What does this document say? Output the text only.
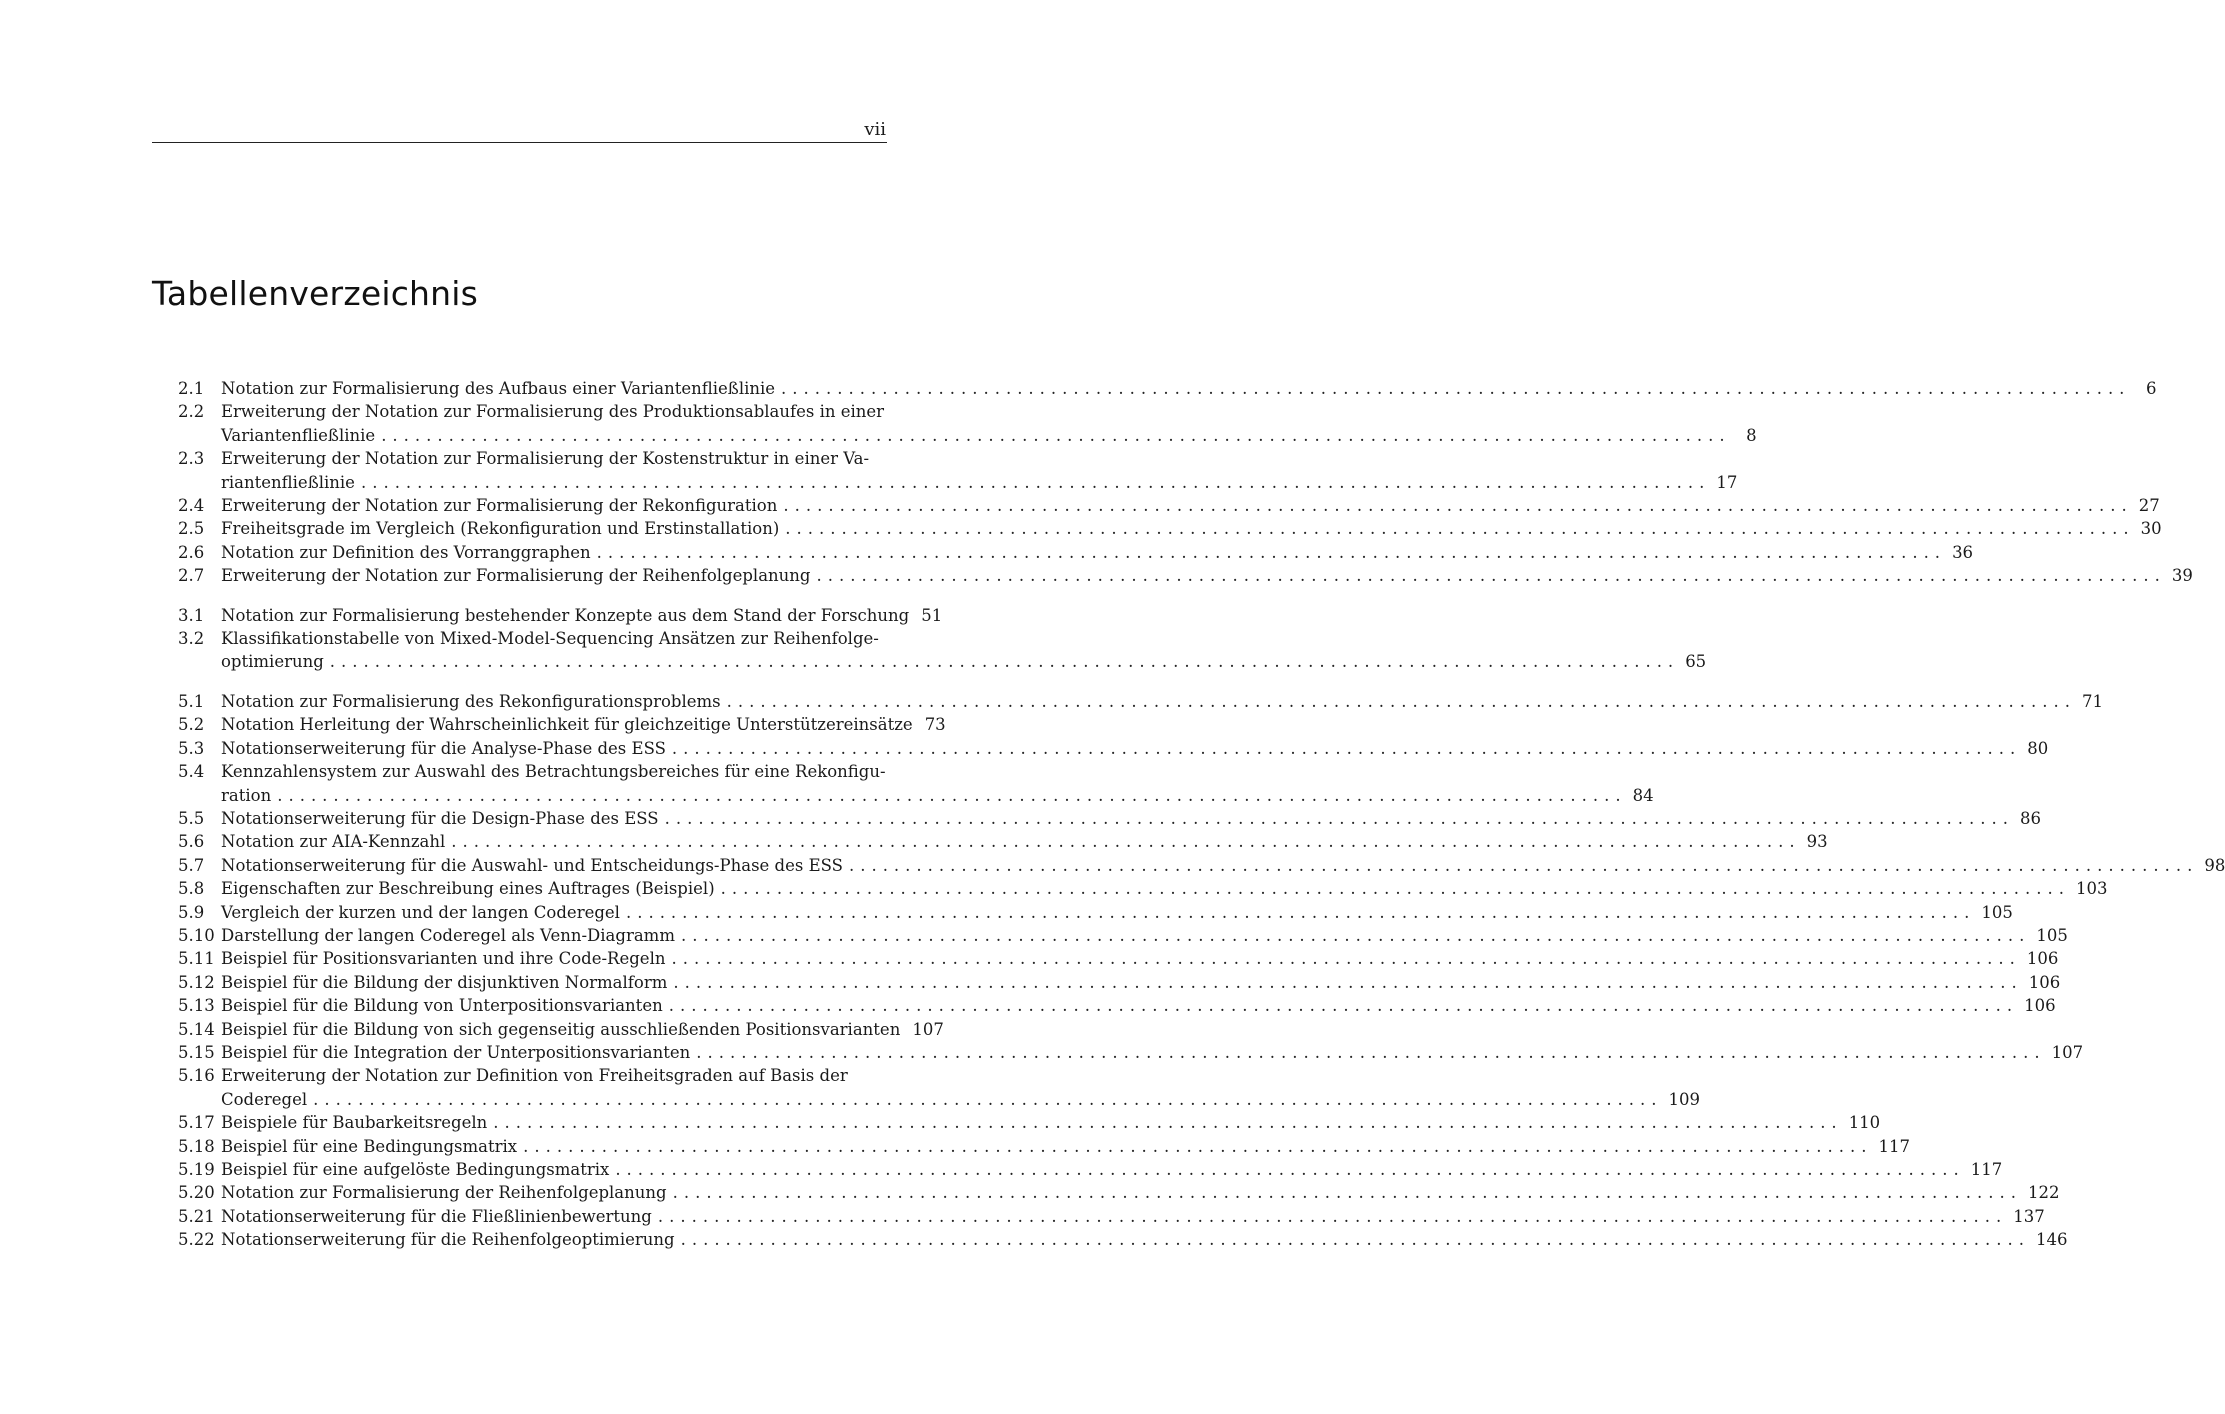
vii
Tabellenverzeichnis
2.1	Notation zur Formalisierung des Aufbaus einer Variantenfließlinie ........................................................................................................................ 6
2.2	Erweiterung der Notation zur Formalisierung des Produktionsablaufes in einer
Variantenfließlinie ........................................................................................................................ 8
2.3	Erweiterung der Notation zur Formalisierung der Kostenstruktur in einer Va-
riantenfließlinie ........................................................................................................................ 17
2.4	Erweiterung der Notation zur Formalisierung der Rekonfiguration ........................................................................................................................ 27
2.5	Freiheitsgrade im Vergleich (Rekonfiguration und Erstinstallation) ........................................................................................................................ 30
2.6	Notation zur Definition des Vorranggraphen ........................................................................................................................ 36
2.7	Erweiterung der Notation zur Formalisierung der Reihenfolgeplanung ........................................................................................................................ 39
3.1	Notation zur Formalisierung bestehender Konzepte aus dem Stand der Forschung 51
3.2	Klassifikationstabelle von Mixed-Model-Sequencing Ansätzen zur Reihenfolge-
optimierung ........................................................................................................................ 65
5.1	Notation zur Formalisierung des Rekonfigurationsproblems ........................................................................................................................ 71
5.2	Notation Herleitung der Wahrscheinlichkeit für gleichzeitige Unterstützereinsätze 73
5.3	Notationserweiterung für die Analyse-Phase des ESS ........................................................................................................................ 80
5.4	Kennzahlensystem zur Auswahl des Betrachtungsbereiches für eine Rekonfigu-
ration ........................................................................................................................ 84
5.5	Notationserweiterung für die Design-Phase des ESS ........................................................................................................................ 86
5.6	Notation zur AIA-Kennzahl ........................................................................................................................ 93
5.7	Notationserweiterung für die Auswahl- und Entscheidungs-Phase des ESS ........................................................................................................................ 98
5.8	Eigenschaften zur Beschreibung eines Auftrages (Beispiel) ........................................................................................................................ 103
5.9	Vergleich der kurzen und der langen Coderegel ........................................................................................................................ 105
5.10 Darstellung der langen Coderegel als Venn-Diagramm ........................................................................................................................ 105
5.11 Beispiel für Positionsvarianten und ihre Code-Regeln ........................................................................................................................ 106
5.12 Beispiel für die Bildung der disjunktiven Normalform ........................................................................................................................ 106
5.13 Beispiel für die Bildung von Unterpositionsvarianten ........................................................................................................................ 106
5.14 Beispiel für die Bildung von sich gegenseitig ausschließenden Positionsvarianten 107
5.15 Beispiel für die Integration der Unterpositionsvarianten ........................................................................................................................ 107
5.16 Erweiterung der Notation zur Definition von Freiheitsgraden auf Basis der
Coderegel ........................................................................................................................ 109
5.17 Beispiele für Baubarkeitsregeln ........................................................................................................................ 110
5.18 Beispiel für eine Bedingungsmatrix ........................................................................................................................ 117
5.19 Beispiel für eine aufgelöste Bedingungsmatrix ........................................................................................................................ 117
5.20 Notation zur Formalisierung der Reihenfolgeplanung ........................................................................................................................ 122
5.21 Notationserweiterung für die Fließlinienbewertung ........................................................................................................................ 137
5.22 Notationserweiterung für die Reihenfolgeoptimierung ........................................................................................................................ 146
